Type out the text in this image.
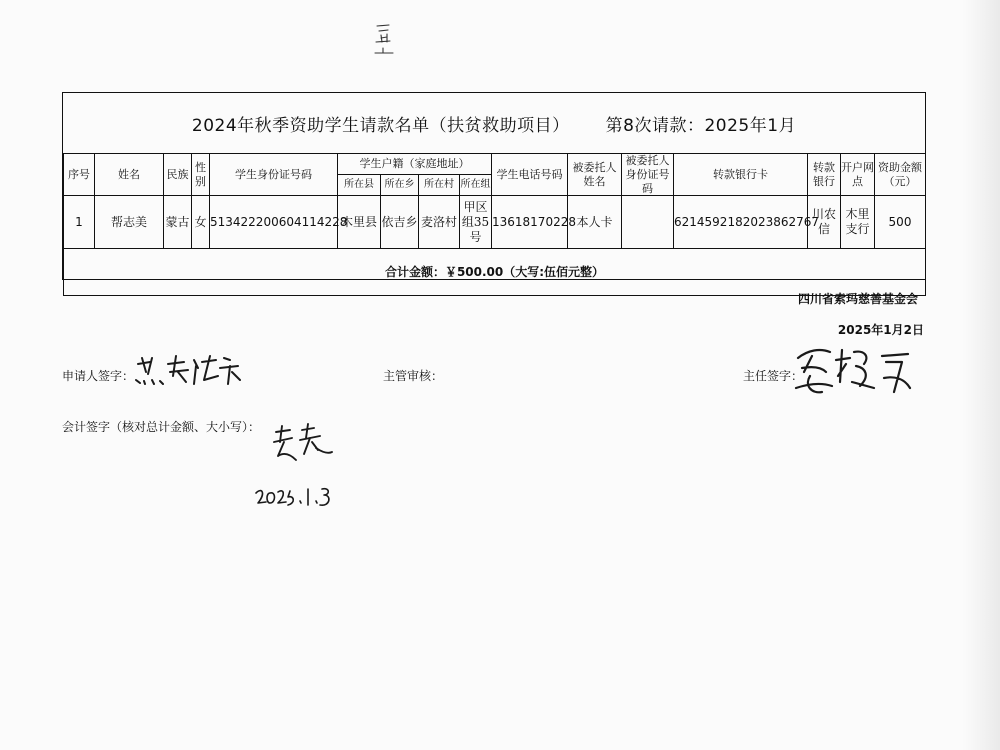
2024年秋季资助学生请款名单（扶贫救助项目） 第8次请款：2025年1月
序号	姓名	民族	性别	学生身份证号码	学生户籍（家庭地址）				学生电话号码	被委托人姓名	被委托人身份证号码	转款银行卡	转款银行	开户网点	资助金额（元）
					所在县	所在乡	所在村	所在组							
1	帮志美	蒙古	女	513422200604114228	木里县	依吉乡	麦洛村	甲区组35号	13618170228	本人卡		6214592182023862767	川农信	木里支行	500
合计金额：￥500.00（大写:伍佰元整）															
四川省索玛慈善基金会
2025年1月2日
申请人签字：	主管审核：	主任签字：
会计签字（核对总计金额、大小写）：
